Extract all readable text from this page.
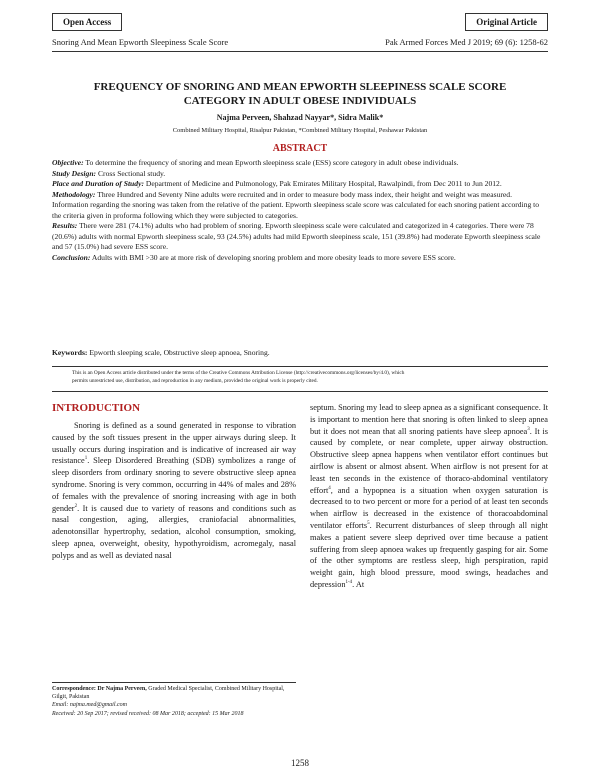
Open Access	Original Article
Snoring And Mean Epworth Sleepiness Scale Score	Pak Armed Forces Med J 2019; 69 (6): 1258-62
FREQUENCY OF SNORING AND MEAN EPWORTH SLEEPINESS SCALE SCORE
CATEGORY IN ADULT OBESE INDIVIDUALS
Najma Perveen, Shahzad Nayyar*, Sidra Malik*
Combined Military Hospital, Risalpur Pakistan, *Combined Military Hospital, Peshawar Pakistan
ABSTRACT

Objective: To determine the frequency of snoring and mean Epworth sleepiness scale (ESS) score category in adult obese individuals.

Study Design: Cross Sectional study.

Place and Duration of Study: Department of Medicine and Pulmonology, Pak Emirates Military Hospital, Rawalpindi, from Dec 2011 to Jun 2012.

Methodology: Three Hundred and Seventy Nine adults were recruited and in order to measure body mass index, their height and weight was measured. Information regarding the snoring was taken from the relative of the patient. Epworth sleepiness scale score was calculated for each snoring patient according to the criteria given in proforma following which they were subjected to categories.

Results: There were 281 (74.1%) adults who had problem of snoring. Epworth sleepiness scale were calculated and categorized in 4 categories. There were 78 (20.6%) adults with normal Epworth sleepiness scale, 93 (24.5%) adults had mild Epworth sleepiness scale, 151 (39.8%) had moderate Epworth sleepiness scale and 57 (15.0%) had severe ESS score.

Conclusion: Adults with BMI >30 are at more risk of developing snoring problem and more obesity leads to more severe ESS score.

Keywords: Epworth sleeping scale, Obstructive sleep apnoea, Snoring.
This is an Open Access article distributed under the terms of the Creative Commons Attribution License (http://creativecommons.org/licenses/by/4.0), which
permits unrestricted use, distribution, and reproduction in any medium, provided the original work is properly cited.
INTRODUCTION

Snoring is defined as a sound generated in response to vibration caused by the soft tissues present in the upper airways during sleep. It usually occurs during inspiration and is indicative of increased air way resistance$^1$. Sleep Disordered Breathing (SDB) symbolizes a range of sleep disorders from ordinary snoring to severe obstructive sleep apnea syndrome. Snoring is very common, occurring in 44% of males and 28% of females with the prevalence of snoring increasing with age in both gender$^2$. It is caused due to variety of reasons and conditions such as nasal congestion, aging, allergies, craniofacial abnormalities, adenotonsillar hypertrophy, sedation, alcohol consumption, smoking, sleep apnea, overweight, obesity, hypothyroidism, acromegaly, nasal polyps and as well as deviated nasal

septum. Snoring my lead to sleep apnea as a significant consequence. It is important to mention here that snoring is often linked to sleep apnea but it does not mean that all snoring patients have sleep apnoea$^3$. It is caused by complete, or near complete, upper airway obstruction. Obstructive sleep apnea happens when ventilator effort continues but airflow is absent or almost absent. When airflow is not present for at least ten seconds in the existence of thoraco-abdominal ventilatory effort$^4$, and a hypopnea is a situation when oxygen saturation is decreased to to two percent or more for a period of at least ten seconds when airflow is decreased in the existence of thoracoabdominal ventilator efforts$^5$. Recurrent disturbances of sleep through all night makes a patient severe sleep deprived over time because a patient suffering from sleep apnoea wakes up frequently gasping for air. Some of the other symptoms are restless sleep, high perspiration, rapid weight gain, high blood pressure, mood swings, headaches and depression$^{1-4}$. At

Correspondence: Dr Najma Perveen, Graded Medical Specialist, Combined Military Hospital, Gilgit, Pakistan
Email: najma.med@gmail.com
Received: 20 Sep 2017; revised received: 08 Mar 2018; accepted: 15 Mar 2018
1258
